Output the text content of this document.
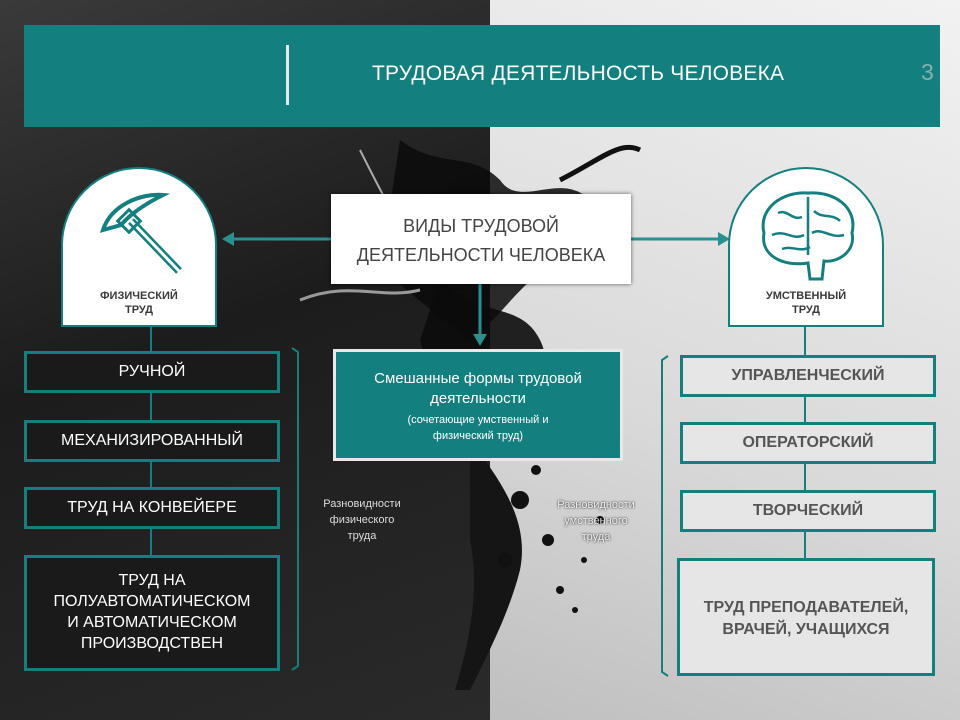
ТРУДОВАЯ ДЕЯТЕЛЬНОСТЬ ЧЕЛОВЕКА	3
ФИЗИЧЕСКИЙ
ТРУД
УМСТВЕННЫЙ
ТРУД
ВИДЫ ТРУДОВОЙ
ДЕЯТЕЛЬНОСТИ ЧЕЛОВЕКА
Смешанные формы трудовой
деятельности
(сочетающие умственный и
физический труд)
РУЧНОЙ
МЕХАНИЗИРОВАННЫЙ
ТРУД НА КОНВЕЙЕРЕ
ТРУД НА
ПОЛУАВТОМАТИЧЕСКОМ
И АВТОМАТИЧЕСКОМ
ПРОИЗВОДСТВЕН
УПРАВЛЕНЧЕСКИЙ
ОПЕРАТОРСКИЙ
ТВОРЧЕСКИЙ
ТРУД ПРЕПОДАВАТЕЛЕЙ,
ВРАЧЕЙ, УЧАЩИХСЯ
Разновидности
физического
труда
Разновидности
умственного
труда
